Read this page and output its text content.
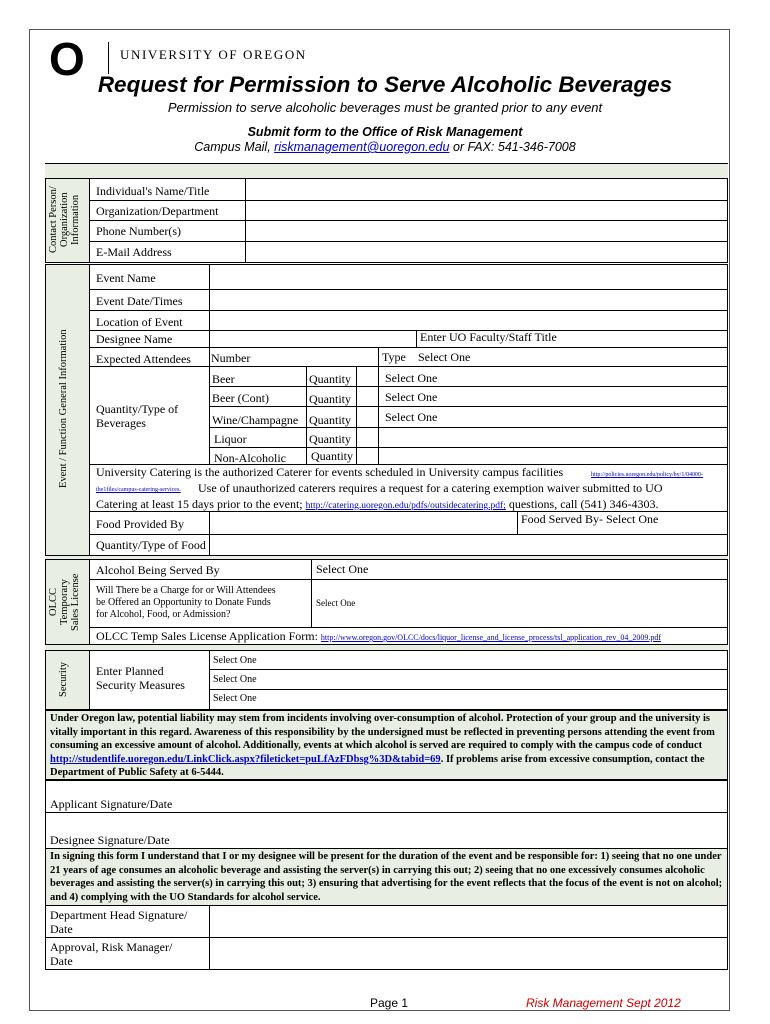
O	UNIVERSITY OF OREGON
Request for Permission to Serve Alcoholic Beverages
Permission to serve alcoholic beverages must be granted prior to any event
Submit form to the Office of Risk Management
Campus Mail, riskmanagement@uoregon.edu or FAX: 541-346-7008
Contact Person/
Organization
Information
Individual's Name/Title
Organization/Department
Phone Number(s)
E-Mail Address
Event / Function General Information
Event Name
Event Date/Times
Location of Event
Designee Name	Enter UO Faculty/Staff Title
Expected Attendees Number	Type Select One
Quantity/Type of
Beverages
Beer	Quantity	Select One
Beer (Cont)	Quantity	Select One
Wine/Champagne Quantity	Select One
Liquor	Quantity
Non-Alcoholic Quantity
University Catering is the authorized Caterer for events scheduled in University campus facilities	http://policies.uoregon.edu/policy/by/1/04000-
the1files/campus-catering-services. Use of unauthorized caterers requires a request for a catering exemption waiver submitted to UO
Catering at least 15 days prior to the event; http://catering.uoregon.edu/pdfs/outsidecatering.pdf; questions, call (541) 346-4303.
Food Provided By	Food Served By- Select One
Quantity/Type of Food
OLCC
Temporary
Sales License
Alcohol Being Served By	Select One
Will There be a Charge for or Will Attendees
be Offered an Opportunity to Donate Funds
for Alcohol, Food, or Admission?
Select One
OLCC Temp Sales License Application Form: http://www.oregon.gov/OLCC/docs/liquor_license_and_license_process/tsl_application_rev_04_2009.pdf
Security	Enter Planned
Security Measures
Select One
Select One
Select One
Under Oregon law, potential liability may stem from incidents involving over-consumption of alcohol. Protection of your group and the university is vitally important in this regard. Awareness of this responsibility by the undersigned must be reflected in preventing persons attending the event from consuming an excessive amount of alcohol. Additionally, events at which alcohol is served are required to comply with the campus code of conduct http://studentlife.uoregon.edu/LinkClick.aspx?fileticket=puLfAzFDbsg%3D&tabid=69. If problems arise from excessive consumption, contact the Department of Public Safety at 6-5444.
Applicant Signature/Date
Designee Signature/Date
In signing this form I understand that I or my designee will be present for the duration of the event and be responsible for: 1) seeing that no one under 21 years of age consumes an alcoholic beverage and assisting the server(s) in carrying this out; 2) seeing that no one excessively consumes alcoholic beverages and assisting the server(s) in carrying this out; 3) ensuring that advertising for the event reflects that the focus of the event is not on alcohol; and 4) complying with the UO Standards for alcohol service.
Department Head Signature/
Date
Approval, Risk Manager/
Date
Page 1	Risk Management Sept 2012
